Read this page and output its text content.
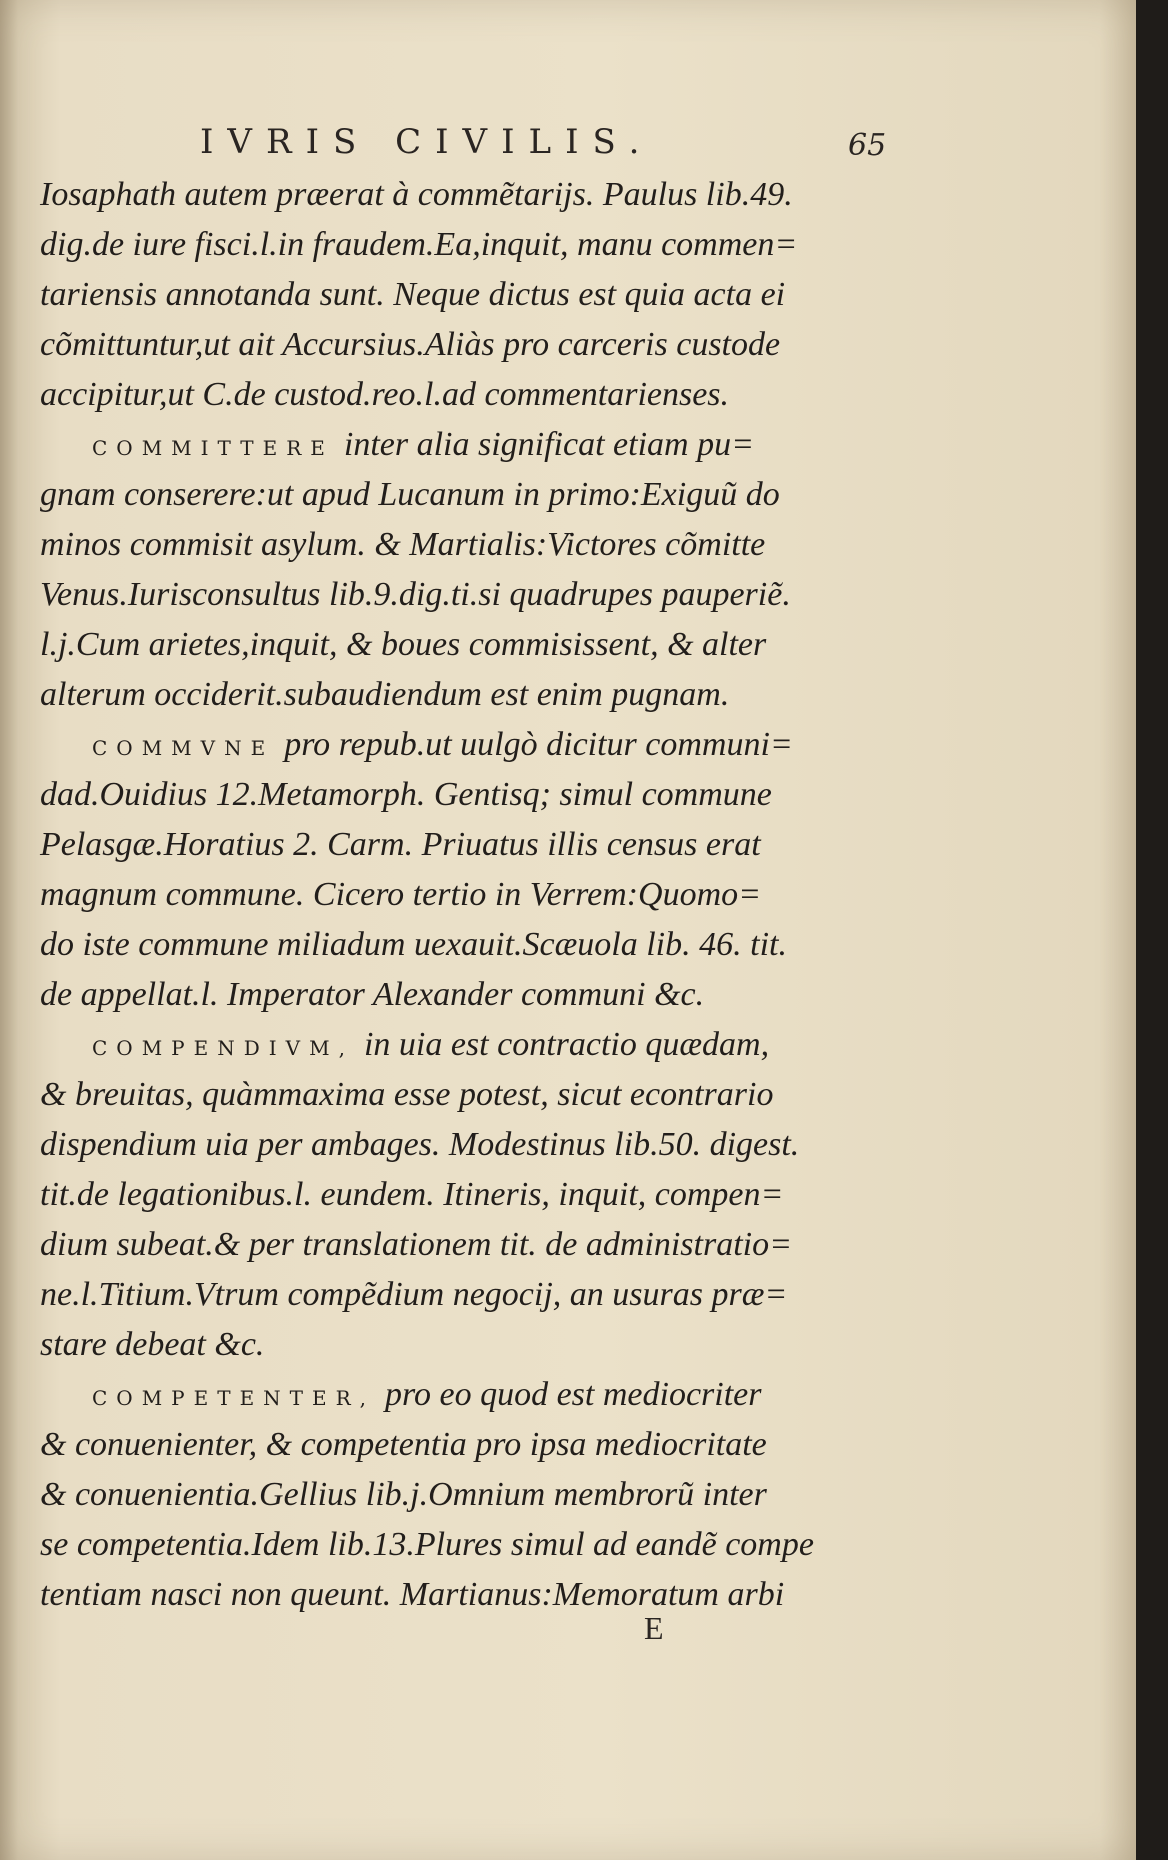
IVRIS CIVILIS.	65
Iosaphath autem præerat à commẽtarijs. Paulus lib.49.
dig.de iure fisci.l.in fraudem.Ea,inquit, manu commen=
tariensis annotanda sunt. Neque dictus est quia acta ei
cõmittuntur,ut ait Accursius.Aliàs pro carceris custode
accipitur,ut C.de custod.reo.l.ad commentarienses.
COMMITTERE inter alia significat etiam pu=
gnam conserere:ut apud Lucanum in primo:Exiguũ do
minos commisit asylum. & Martialis:Victores cõmitte
Venus.Iurisconsultus lib.9.dig.ti.si quadrupes pauperiẽ.
l.j.Cum arietes,inquit, & boues commisissent, & alter
alterum occiderit.subaudiendum est enim pugnam.
COMMVNE pro repub.ut uulgò dicitur communi=
dad.Ouidius 12.Metamorph. Gentisq; simul commune
Pelasgæ.Horatius 2. Carm. Priuatus illis census erat
magnum commune. Cicero tertio in Verrem:Quomo=
do iste commune miliadum uexauit.Scæuola lib. 46. tit.
de appellat.l. Imperator Alexander communi &c.
COMPENDIVM, in uia est contractio quædam,
& breuitas, quàmmaxima esse potest, sicut econtrario
dispendium uia per ambages. Modestinus lib.50. digest.
tit.de legationibus.l. eundem. Itineris, inquit, compen=
dium subeat.& per translationem tit. de administratio=
ne.l.Titium.Vtrum compẽdium negocij, an usuras præ=
stare debeat &c.
COMPETENTER, pro eo quod est mediocriter
& conuenienter, & competentia pro ipsa mediocritate
& conuenientia.Gellius lib.j.Omnium membrorũ inter
se competentia.Idem lib.13.Plures simul ad eandẽ compe
tentiam nasci non queunt. Martianus:Memoratum arbi
E
